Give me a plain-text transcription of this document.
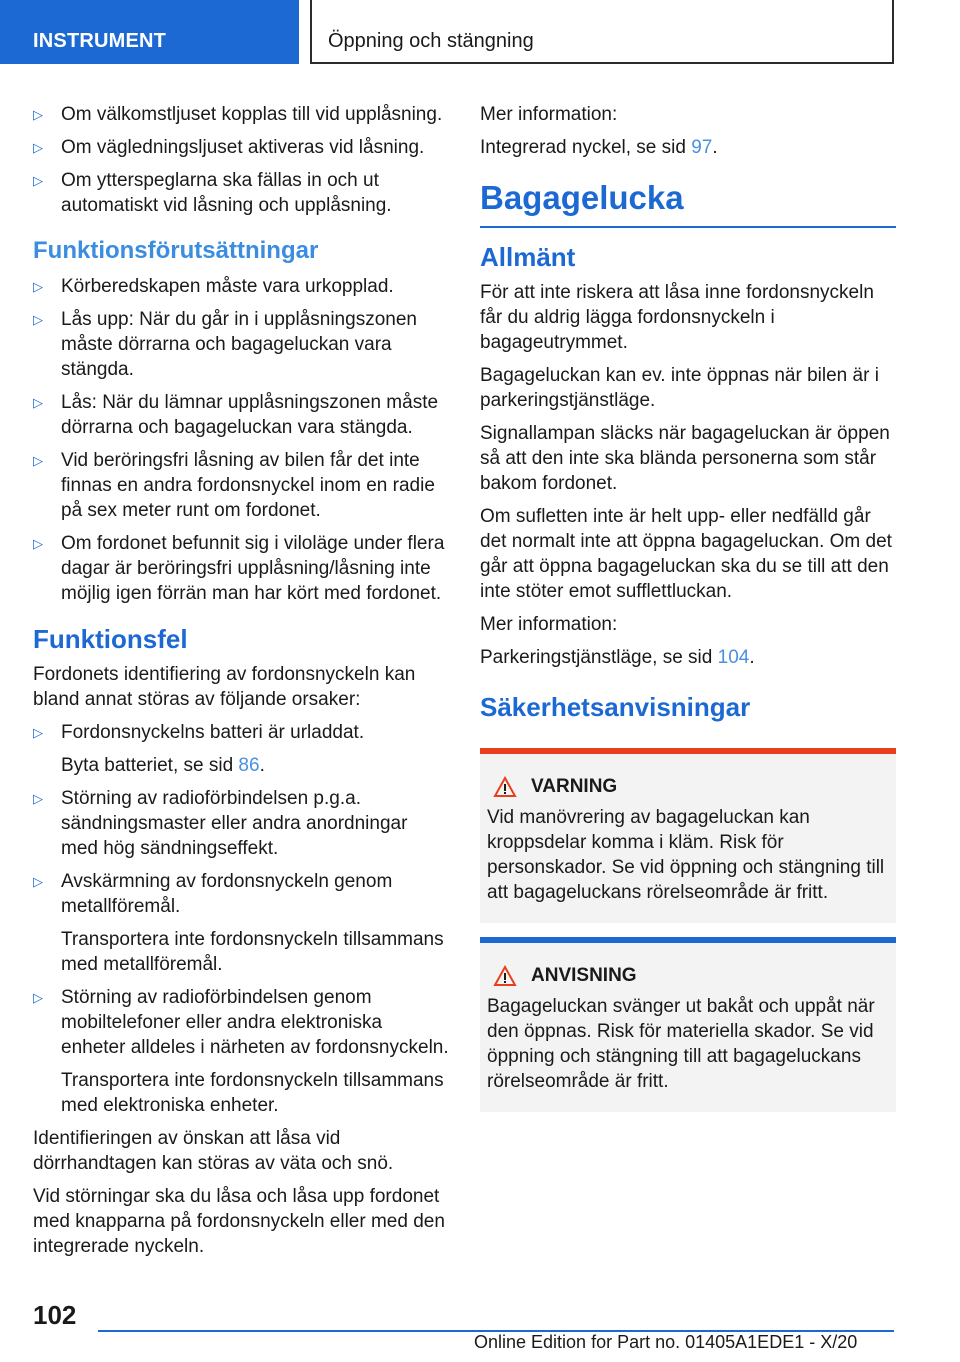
INSTRUMENT	Öppning och stängning
▷ Om välkomstljuset kopplas till vid upplåsning.
▷ Om vägledningsljuset aktiveras vid låsning.
▷ Om ytterspeglarna ska fällas in och ut automatiskt vid låsning och upplåsning.
Funktionsförutsättningar
▷ Körberedskapen måste vara urkopplad.
▷ Lås upp: När du går in i upplåsningszonen måste dörrarna och bagageluckan vara stängda.
▷ Lås: När du lämnar upplåsningszonen måste dörrarna och bagageluckan vara stängda.
▷ Vid beröringsfri låsning av bilen får det inte finnas en andra fordonsnyckel inom en radie på sex meter runt om fordonet.
▷ Om fordonet befunnit sig i viloläge under flera dagar är beröringsfri upplåsning/låsning inte möjlig igen förrän man har kört med fordonet.
Funktionsfel

Fordonets identifiering av fordonsnyckeln kan bland annat störas av följande orsaker:

▷ Fordonsnyckelns batteri är urladdat.
Byta batteriet, se sid 86.
▷ Störning av radioförbindelsen p.g.a. sändningsmaster eller andra anordningar med hög sändningseffekt.
▷ Avskärmning av fordonsnyckeln genom metallföremål.
Transportera inte fordonsnyckeln tillsammans med metallföremål.
▷ Störning av radioförbindelsen genom mobiltelefoner eller andra elektroniska enheter alldeles i närheten av fordonsnyckeln.
Transportera inte fordonsnyckeln tillsammans med elektroniska enheter.

Identifieringen av önskan att låsa vid dörrhandtagen kan störas av väta och snö.

Vid störningar ska du låsa och låsa upp fordonet med knapparna på fordonsnyckeln eller med den integrerade nyckeln.

Mer information:

Integrerad nyckel, se sid 97.

Bagagelucka
Allmänt

För att inte riskera att låsa inne fordonsnyckeln får du aldrig lägga fordonsnyckeln i bagageutrymmet.

Bagageluckan kan ev. inte öppnas när bilen är i parkeringstjänstläge.

Signallampan släcks när bagageluckan är öppen så att den inte ska blända personerna som står bakom fordonet.

Om sufletten inte är helt upp- eller nedfälld går det normalt inte att öppna bagageluckan. Om det går att öppna bagageluckan ska du se till att den inte stöter emot sufflettluckan.

Mer information:

Parkeringstjänstläge, se sid 104.

Säkerhetsanvisningar
VARNING
Vid manövrering av bagageluckan kan kroppsdelar komma i kläm. Risk för personskador. Se vid öppning och stängning till att bagageluckans rörelseområde är fritt.
ANVISNING
Bagageluckan svänger ut bakåt och uppåt när den öppnas. Risk för materiella skador. Se vid öppning och stängning till att bagageluckans rörelseområde är fritt.
102
Online Edition for Part no. 01405A1EDE1 - X/20
